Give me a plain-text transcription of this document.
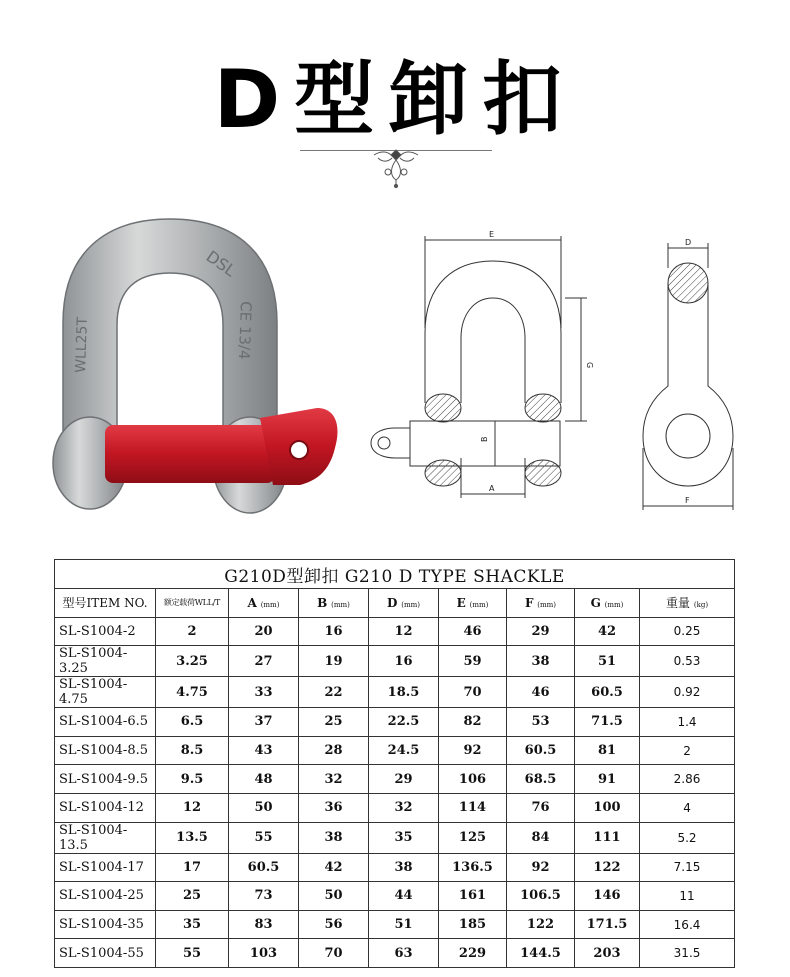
D型卸扣
WLL25T
DSL
CE 13/4
E
G
B
A
D
F
G210D型卸扣 G210 D TYPE SHACKLE								
型号ITEM NO.	额定载荷WLL/T	A (mm)	B (mm)	D (mm)	E (mm)	F (mm)	G (mm)	重量 (kg)
SL-S1004-2	2	20	16	12	46	29	42	0.25
SL-S1004-3.25	3.25	27	19	16	59	38	51	0.53
SL-S1004-4.75	4.75	33	22	18.5	70	46	60.5	0.92
SL-S1004-6.5	6.5	37	25	22.5	82	53	71.5	1.4
SL-S1004-8.5	8.5	43	28	24.5	92	60.5	81	2
SL-S1004-9.5	9.5	48	32	29	106	68.5	91	2.86
SL-S1004-12	12	50	36	32	114	76	100	4
SL-S1004-13.5	13.5	55	38	35	125	84	111	5.2
SL-S1004-17	17	60.5	42	38	136.5	92	122	7.15
SL-S1004-25	25	73	50	44	161	106.5	146	11
SL-S1004-35	35	83	56	51	185	122	171.5	16.4
SL-S1004-55	55	103	70	63	229	144.5	203	31.5
